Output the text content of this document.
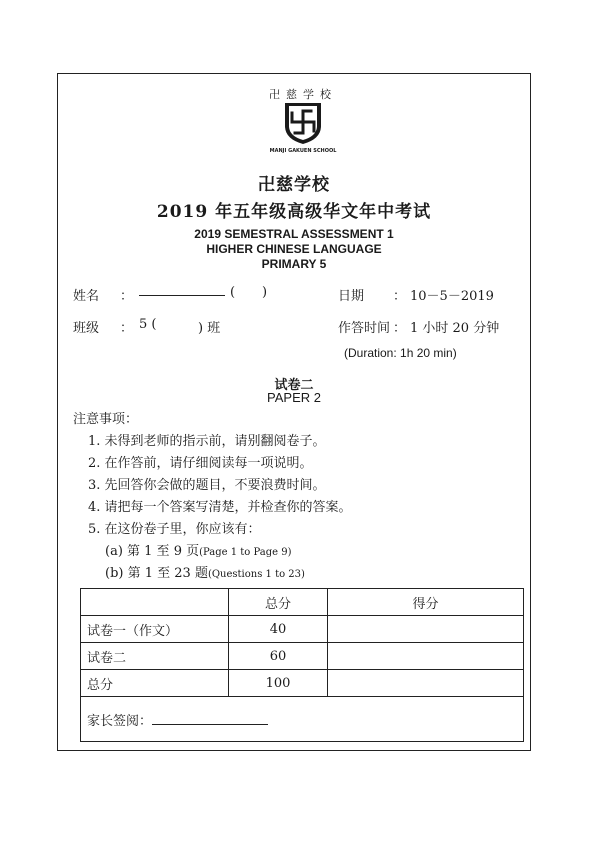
卍慈学校
MANJI GAKUEN SCHOOL
卍慈学校
2019 年五年级高级华文年中考试
2019 SEMESTRAL ASSESSMENT 1
HIGHER CHINESE LANGUAGE
PRIMARY 5
姓名 ：	( )	日期 ： 10－5－2019
班级 ： 5 (	) 班	作答时间 ： 1 小时 20 分钟
(Duration: 1h 20 min)
试卷二
PAPER 2
注意事项：
1. 未得到老师的指示前，请别翻阅卷子。
2. 在作答前，请仔细阅读每一项说明。
3. 先回答你会做的题目，不要浪费时间。
4. 请把每一个答案写清楚，并检查你的答案。
5. 在这份卷子里，你应该有：
(a) 第 1 至 9 页(Page 1 to Page 9)
(b) 第 1 至 23 题(Questions 1 to 23)
	总分	得分
试卷一（作文）	40	
试卷二	60	
总分	100	
家长签阅：		
